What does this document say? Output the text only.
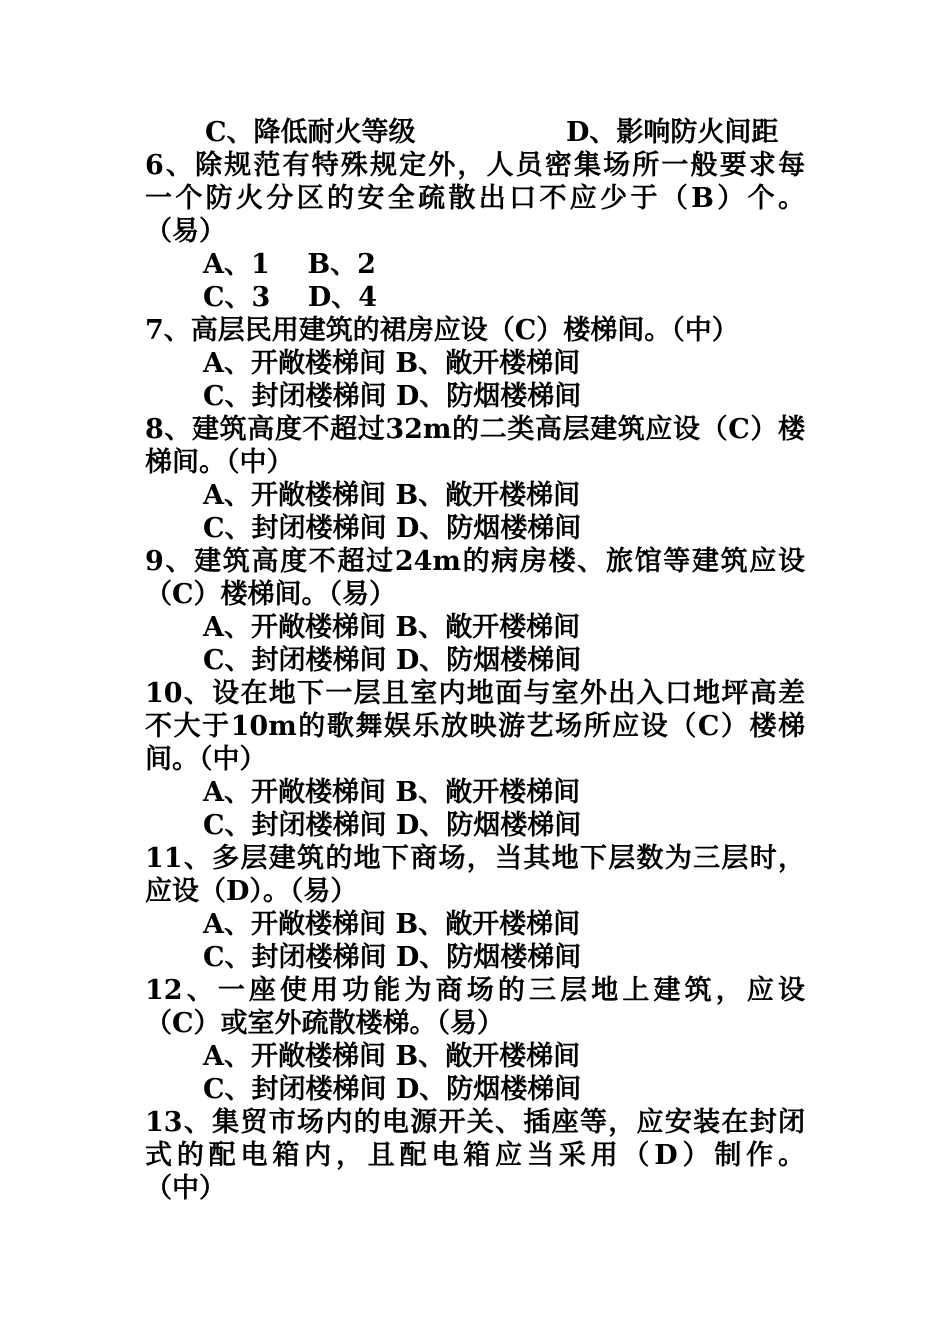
C、降低耐火等级	D、影响防火间距
6、除规范有特殊规定外，人员密集场所一般要求每
一个防火分区的安全疏散出口不应少于（B）个。
（易）
A、1    B、2
C、3    D、4
7、高层民用建筑的裙房应设（C）楼梯间。（中）
A、开敞楼梯间 B、敞开楼梯间
C、封闭楼梯间 D、防烟楼梯间
8、建筑高度不超过32m的二类高层建筑应设（C）楼
梯间。（中）
A、开敞楼梯间 B、敞开楼梯间
C、封闭楼梯间 D、防烟楼梯间
9、建筑高度不超过24m的病房楼、旅馆等建筑应设
（C）楼梯间。（易）
A、开敞楼梯间 B、敞开楼梯间
C、封闭楼梯间 D、防烟楼梯间
10、设在地下一层且室内地面与室外出入口地坪高差
不大于10m的歌舞娱乐放映游艺场所应设（C）楼梯
间。（中）
A、开敞楼梯间 B、敞开楼梯间
C、封闭楼梯间 D、防烟楼梯间
11、多层建筑的地下商场，当其地下层数为三层时，
应设（D）。（易）
A、开敞楼梯间 B、敞开楼梯间
C、封闭楼梯间 D、防烟楼梯间
12、一座使用功能为商场的三层地上建筑，应设
（C）或室外疏散楼梯。（易）
A、开敞楼梯间 B、敞开楼梯间
C、封闭楼梯间 D、防烟楼梯间
13、集贸市场内的电源开关、插座等，应安装在封闭
式的配电箱内，且配电箱应当采用（D）制作。
（中）
